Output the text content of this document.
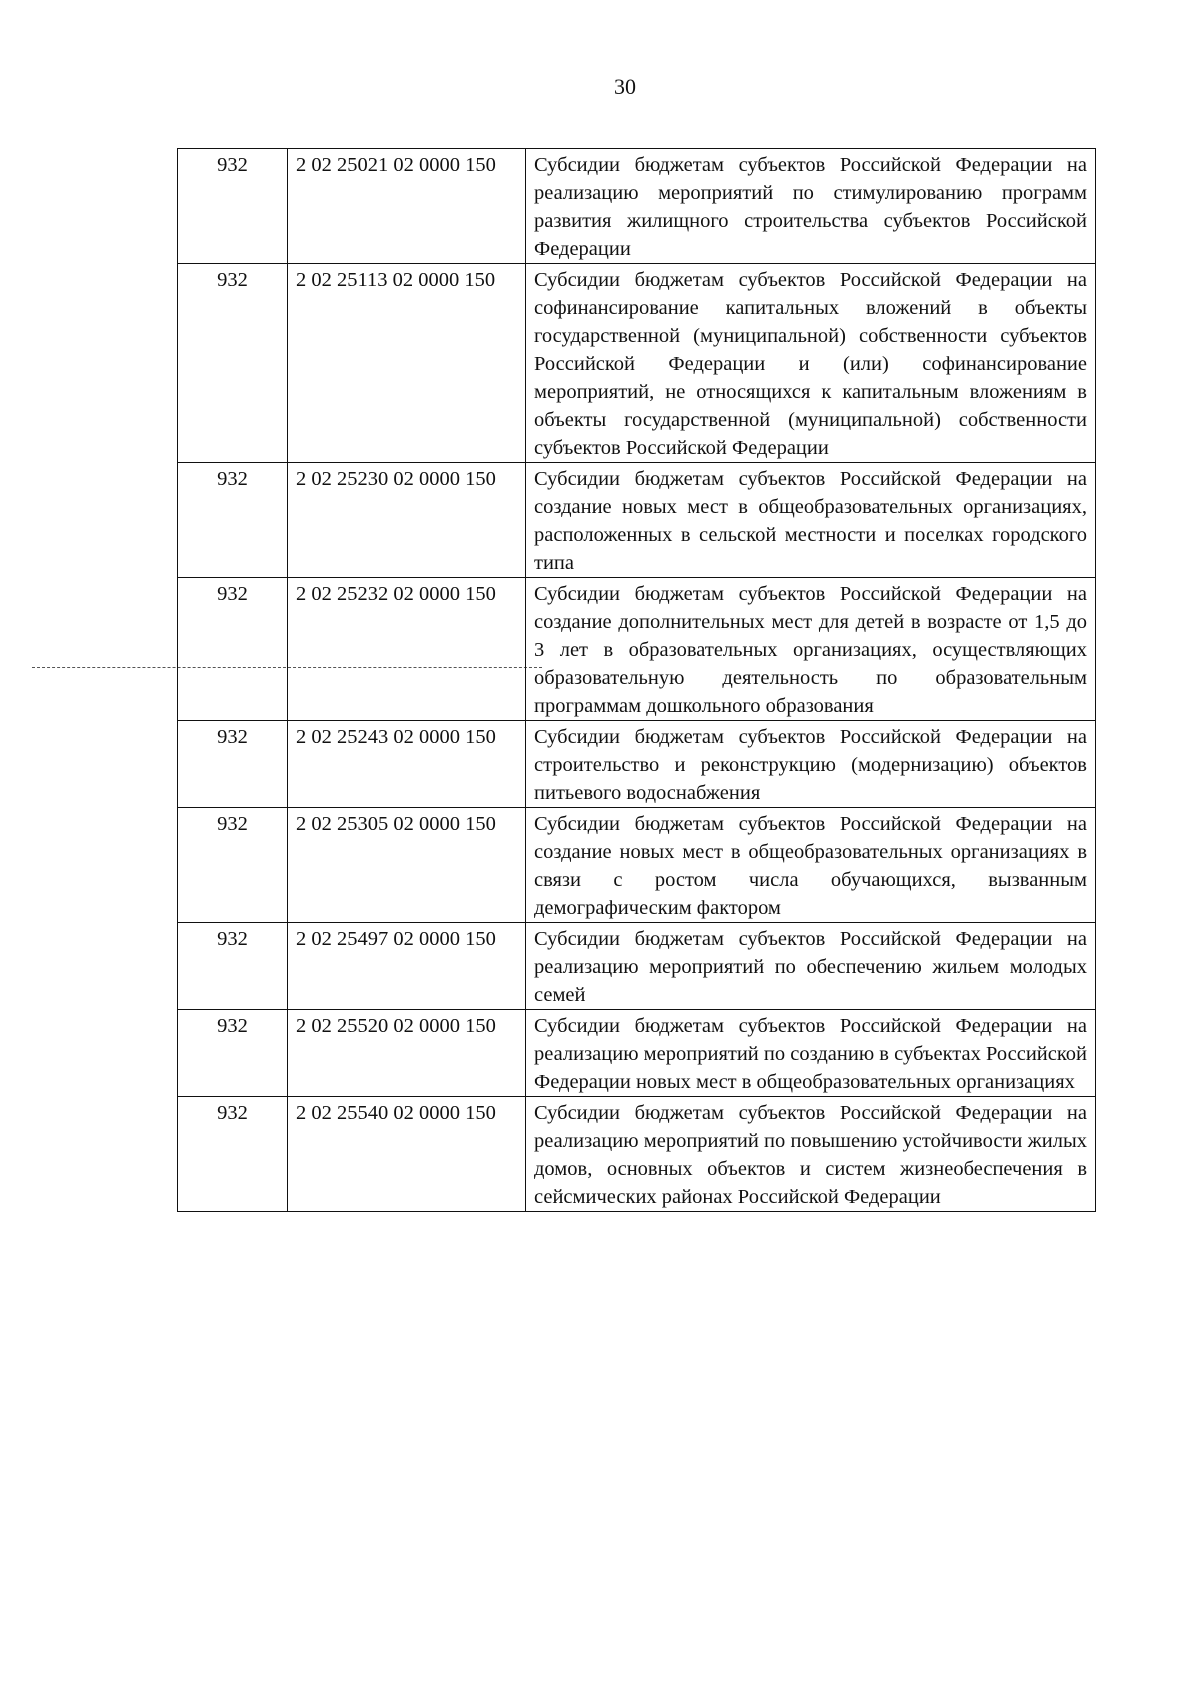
30
932	2 02 25021 02 0000 150	Субсидии бюджетам субъектов Российской Федерации на реализацию мероприятий по стимулированию программ развития жилищного строительства субъектов Российской Федерации
932	2 02 25113 02 0000 150	Субсидии бюджетам субъектов Российской Федерации на софинансирование капитальных вложений в объекты государственной (муниципальной) собственности субъектов Российской Федерации и (или) софинансирование мероприятий, не относящихся к капитальным вложениям в объекты государственной (муниципальной) собственности субъектов Российской Федерации
932	2 02 25230 02 0000 150	Субсидии бюджетам субъектов Российской Федерации на создание новых мест в общеобразовательных организациях, расположенных в сельской местности и поселках городского типа
932	2 02 25232 02 0000 150	Субсидии бюджетам субъектов Российской Федерации на создание дополнительных мест для детей в возрасте от 1,5 до 3 лет в образовательных организациях, осуществляющих образовательную деятельность по образовательным программам дошкольного образования
932	2 02 25243 02 0000 150	Субсидии бюджетам субъектов Российской Федерации на строительство и реконструкцию (модернизацию) объектов питьевого водоснабжения
932	2 02 25305 02 0000 150	Субсидии бюджетам субъектов Российской Федерации на создание новых мест в общеобразовательных организациях в связи с ростом числа обучающихся, вызванным демографическим фактором
932	2 02 25497 02 0000 150	Субсидии бюджетам субъектов Российской Федерации на реализацию мероприятий по обеспечению жильем молодых семей
932	2 02 25520 02 0000 150	Субсидии бюджетам субъектов Российской Федерации на реализацию мероприятий по созданию в субъектах Российской Федерации новых мест в общеобразовательных организациях
932	2 02 25540 02 0000 150	Субсидии бюджетам субъектов Российской Федерации на реализацию мероприятий по повышению устойчивости жилых домов, основных объектов и систем жизнеобеспечения в сейсмических районах Российской Федерации
